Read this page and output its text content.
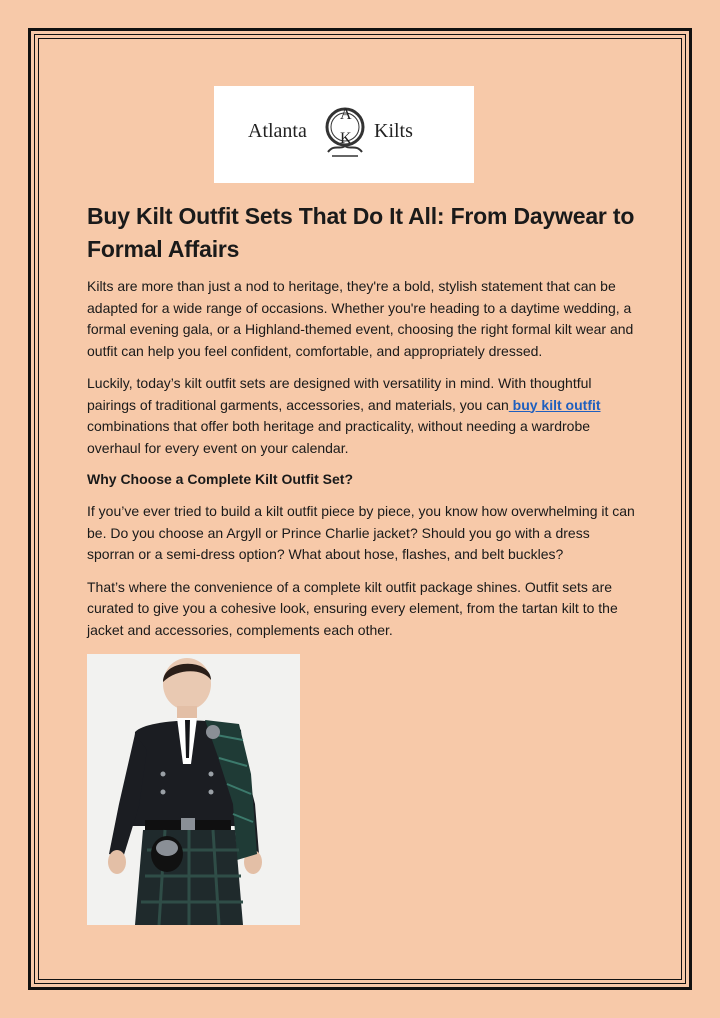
Atlanta
A
K Kilts
Buy Kilt Outfit Sets That Do It All: From Daywear to Formal Affairs

Kilts are more than just a nod to heritage, they're a bold, stylish statement that can be adapted for a wide range of occasions. Whether you're heading to a daytime wedding, a formal evening gala, or a Highland-themed event, choosing the right formal kilt wear and outfit can help you feel confident, comfortable, and appropriately dressed.

Luckily, today’s kilt outfit sets are designed with versatility in mind. With thoughtful pairings of traditional garments, accessories, and materials, you can buy kilt outfit combinations that offer both heritage and practicality, without needing a wardrobe overhaul for every event on your calendar.

Why Choose a Complete Kilt Outfit Set?

If you’ve ever tried to build a kilt outfit piece by piece, you know how overwhelming it can be. Do you choose an Argyll or Prince Charlie jacket? Should you go with a dress sporran or a semi-dress option? What about hose, flashes, and belt buckles?

That’s where the convenience of a complete kilt outfit package shines. Outfit sets are curated to give you a cohesive look, ensuring every element, from the tartan kilt to the jacket and accessories, complements each other.
